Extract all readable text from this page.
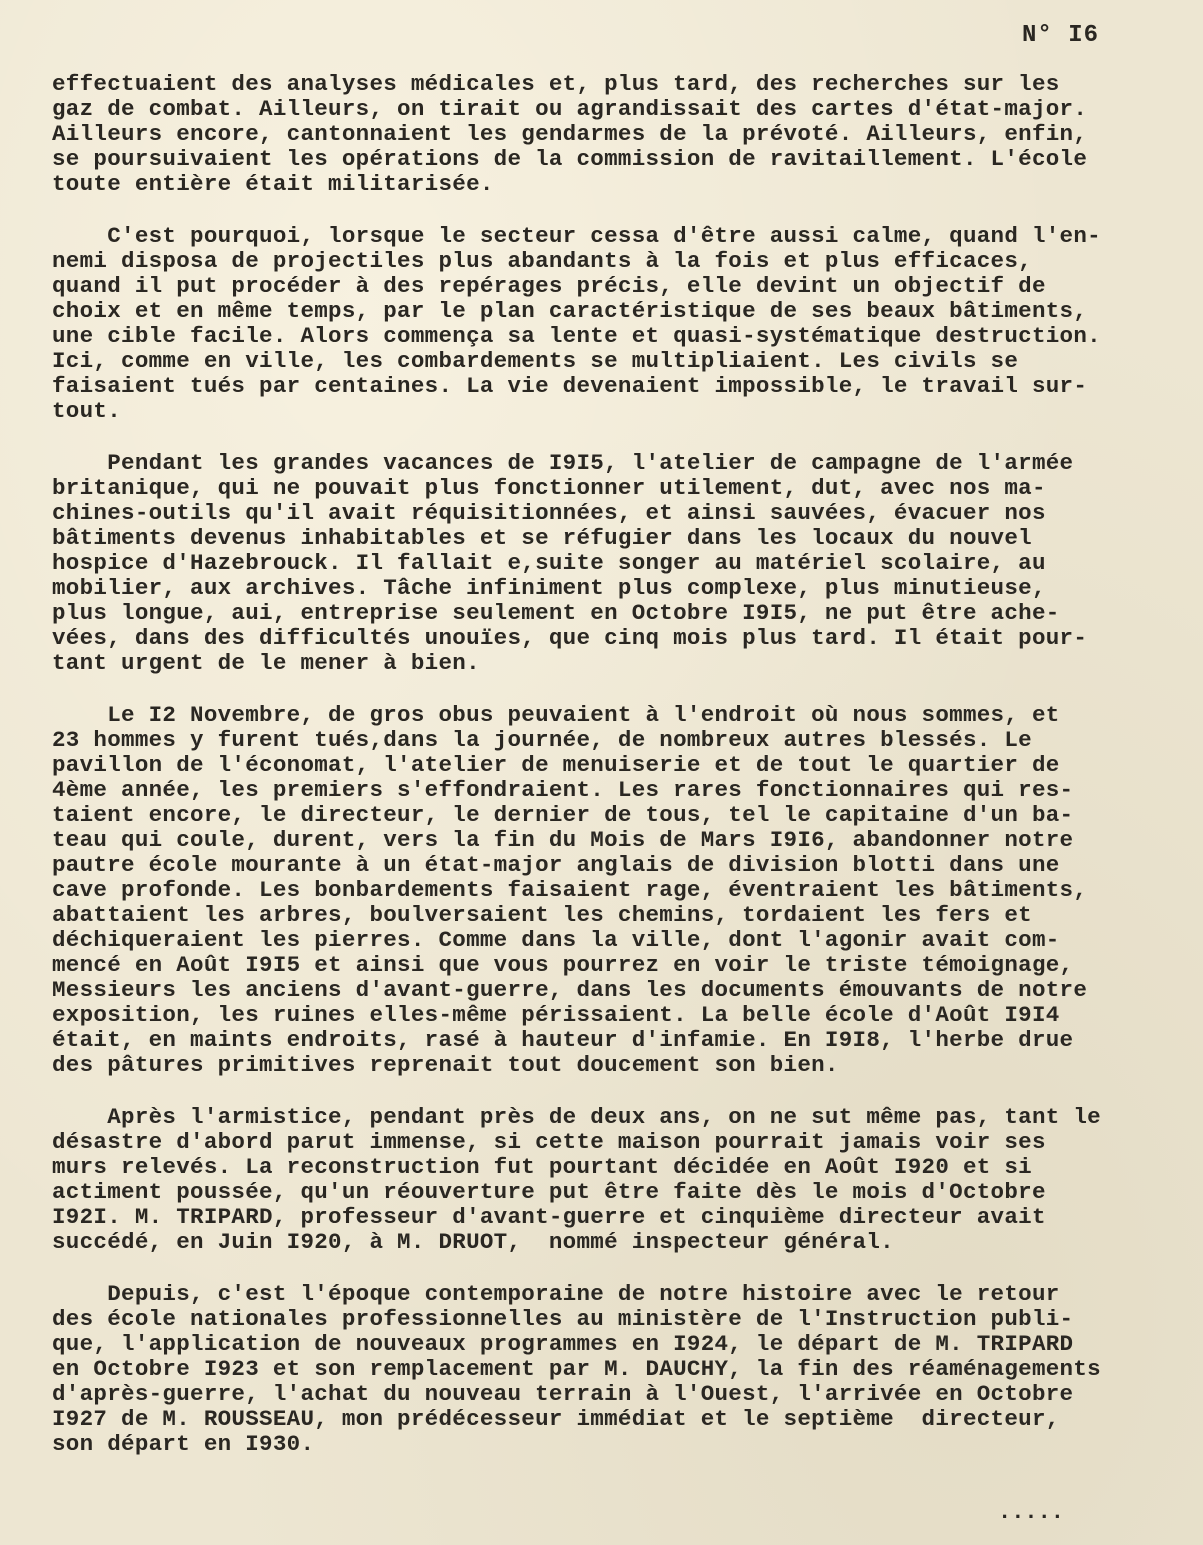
N° I6
effectuaient des analyses médicales et, plus tard, des recherches sur les
gaz de combat. Ailleurs, on tirait ou agrandissait des cartes d'état-major.
Ailleurs encore, cantonnaient les gendarmes de la prévoté. Ailleurs, enfin,
se poursuivaient les opérations de la commission de ravitaillement. L'école
toute entière était militarisée.
C'est pourquoi, lorsque le secteur cessa d'être aussi calme, quand l'en-
nemi disposa de projectiles plus abandants à la fois et plus efficaces,
quand il put procéder à des repérages précis, elle devint un objectif de
choix et en même temps, par le plan caractéristique de ses beaux bâtiments,
une cible facile. Alors commença sa lente et quasi-systématique destruction.
Ici, comme en ville, les combardements se multipliaient. Les civils se
faisaient tués par centaines. La vie devenaient impossible, le travail sur-
tout.
Pendant les grandes vacances de I9I5, l'atelier de campagne de l'armée
britanique, qui ne pouvait plus fonctionner utilement, dut, avec nos ma-
chines-outils qu'il avait réquisitionnées, et ainsi sauvées, évacuer nos
bâtiments devenus inhabitables et se réfugier dans les locaux du nouvel
hospice d'Hazebrouck. Il fallait e,suite songer au matériel scolaire, au
mobilier, aux archives. Tâche infiniment plus complexe, plus minutieuse,
plus longue, aui, entreprise seulement en Octobre I9I5, ne put être ache-
vées, dans des difficultés unouïes, que cinq mois plus tard. Il était pour-
tant urgent de le mener à bien.
Le I2 Novembre, de gros obus peuvaient à l'endroit où nous sommes, et
23 hommes y furent tués,dans la journée, de nombreux autres blessés. Le
pavillon de l'économat, l'atelier de menuiserie et de tout le quartier de
4ème année, les premiers s'effondraient. Les rares fonctionnaires qui res-
taient encore, le directeur, le dernier de tous, tel le capitaine d'un ba-
teau qui coule, durent, vers la fin du Mois de Mars I9I6, abandonner notre
pautre école mourante à un état-major anglais de division blotti dans une
cave profonde. Les bonbardements faisaient rage, éventraient les bâtiments,
abattaient les arbres, boulversaient les chemins, tordaient les fers et
déchiqueraient les pierres. Comme dans la ville, dont l'agonir avait com-
mencé en Août I9I5 et ainsi que vous pourrez en voir le triste témoignage,
Messieurs les anciens d'avant-guerre, dans les documents émouvants de notre
exposition, les ruines elles-même périssaient. La belle école d'Août I9I4
était, en maints endroits, rasé à hauteur d'infamie. En I9I8, l'herbe drue
des pâtures primitives reprenait tout doucement son bien.
Après l'armistice, pendant près de deux ans, on ne sut même pas, tant le
désastre d'abord parut immense, si cette maison pourrait jamais voir ses
murs relevés. La reconstruction fut pourtant décidée en Août I920 et si
actiment poussée, qu'un réouverture put être faite dès le mois d'Octobre
I92I. M. TRIPARD, professeur d'avant-guerre et cinquième directeur avait
succédé, en Juin I920, à M. DRUOT,  nommé inspecteur général.
Depuis, c'est l'époque contemporaine de notre histoire avec le retour
des école nationales professionnelles au ministère de l'Instruction publi-
que, l'application de nouveaux programmes en I924, le départ de M. TRIPARD
en Octobre I923 et son remplacement par M. DAUCHY, la fin des réaménagements
d'après-guerre, l'achat du nouveau terrain à l'Ouest, l'arrivée en Octobre
I927 de M. ROUSSEAU, mon prédécesseur immédiat et le septième  directeur,
son départ en I930.
.....
